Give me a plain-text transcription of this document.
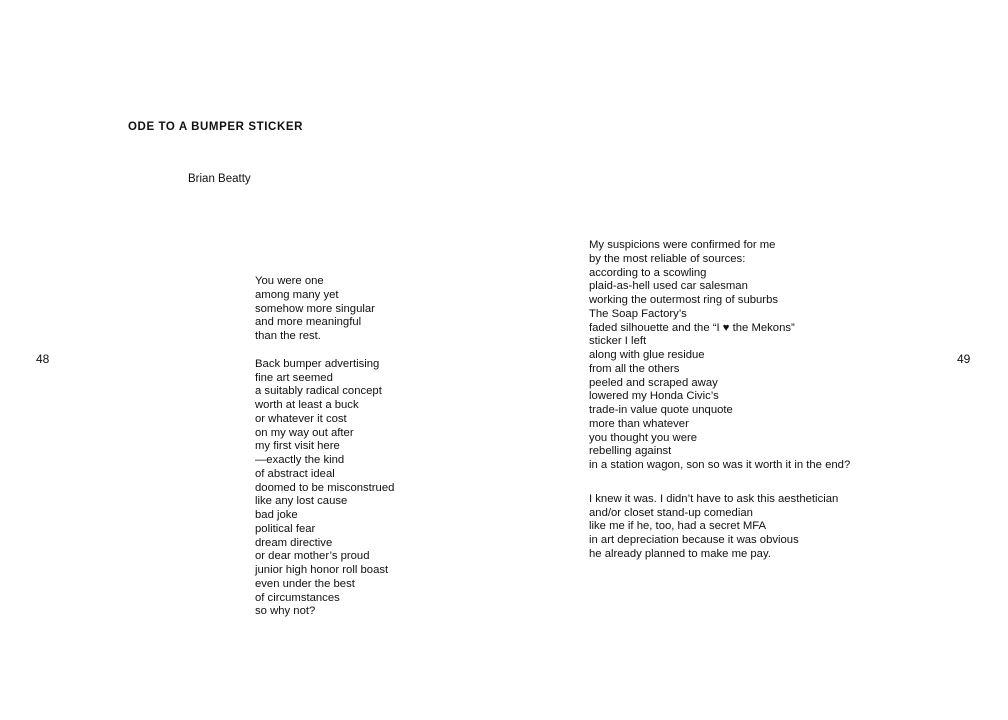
48	49
ODE TO A BUMPER STICKER
Brian Beatty
You were one
among many yet
somehow more singular
and more meaningful
than the rest.
Back bumper advertising
fine art seemed
a suitably radical concept
worth at least a buck
or whatever it cost
on my way out after
my first visit here
—exactly the kind
of abstract ideal
doomed to be misconstrued
like any lost cause
bad joke
political fear
dream directive
or dear mother’s proud
junior high honor roll boast
even under the best
of circumstances
so why not?
My suspicions were confirmed for me
by the most reliable of sources:
according to a scowling
plaid-as-hell used car salesman
working the outermost ring of suburbs
The Soap Factory’s
faded silhouette and the “I ♥ the Mekons”
sticker I left
along with glue residue
from all the others
peeled and scraped away
lowered my Honda Civic’s
trade-in value quote unquote
more than whatever
you thought you were
rebelling against
in a station wagon, son so was it worth it in the end?
I knew it was. I didn’t have to ask this aesthetician
and/or closet stand-up comedian
like me if he, too, had a secret MFA
in art depreciation because it was obvious
he already planned to make me pay.
